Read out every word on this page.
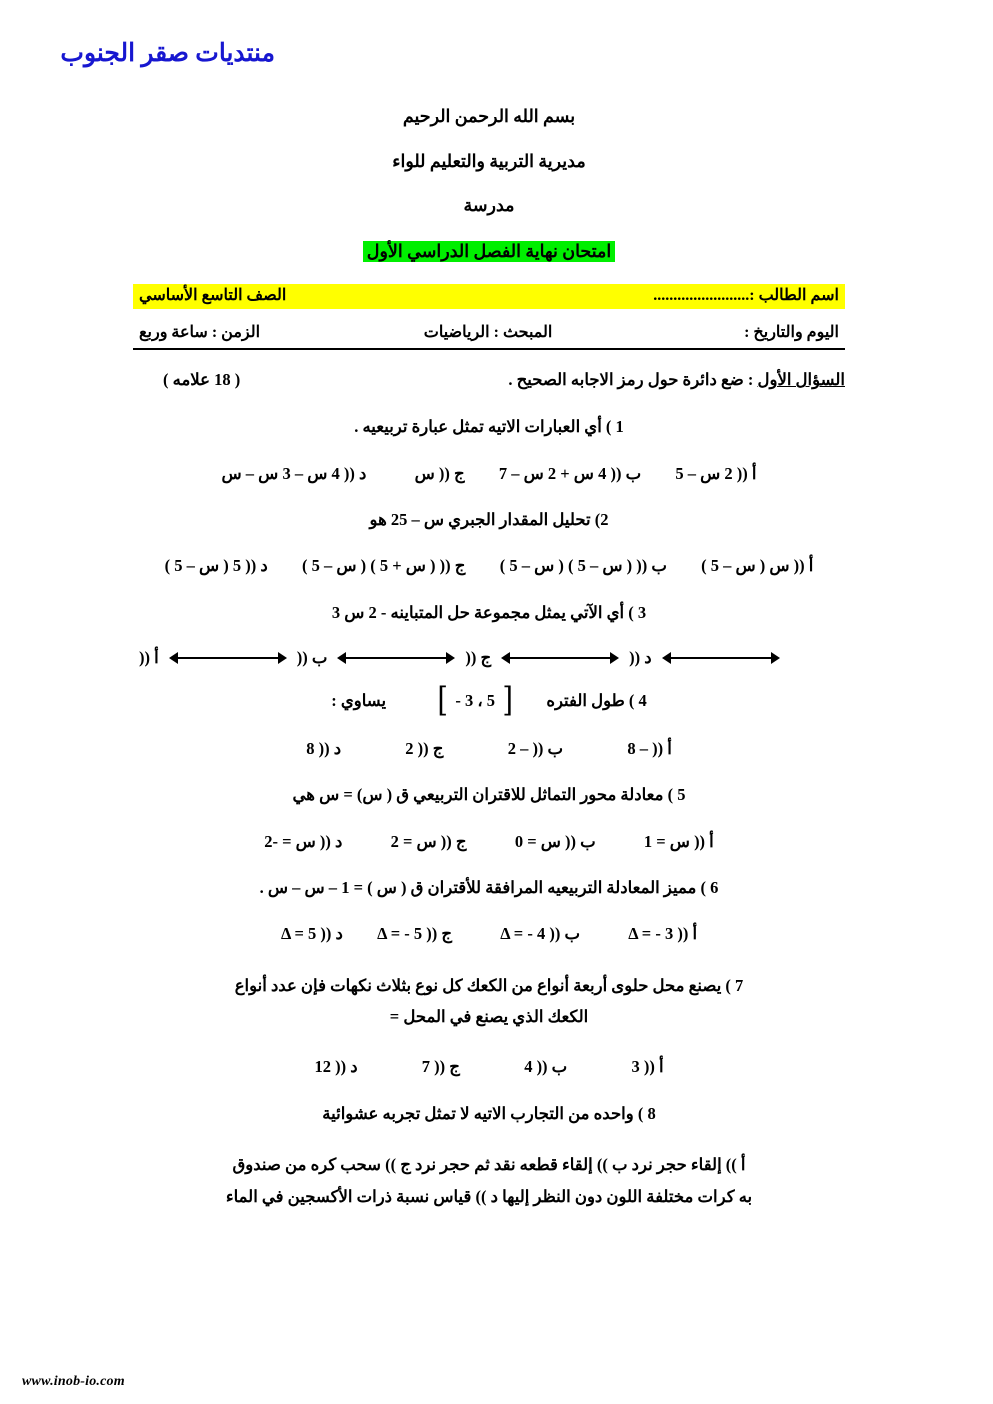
منتديات صقر الجنوب
بسم الله الرحمن الرحيم
مديرية التربية والتعليم للواء
مدرسة
امتحان نهاية الفصل الدراسي الأول
اسم الطالب :........................
الصف التاسع الأساسي
اليوم والتاريخ :
المبحث : الرياضيات
الزمن : ساعة وربع
السؤال الأول : ضع دائرة حول رمز الاجابه الصحيح .
( 18 علامه )
1 ) أي العبارات الاتيه تمثل عبارة تربيعيه .
أ (( 2 س – 5  ب (( 4 س + 2 س – 7  ج (( س  د (( 4 س – 3 س – س
2) تحليل المقدار الجبري س – 25 هو
أ (( س ( س – 5 )  ب (( ( س – 5 ) ( س – 5 )  ج (( ( س + 5 ) ( س – 5 )  د (( 5 ( س – 5 )
3 ) أي الآتي يمثل مجموعة حل المتباينه - 2 س 3
أ ((	ب ((	ج ((	د ((
4 ) طول الفتره
[ - 3 ، 5 ]
يساوي :
أ (( – 8  ب (( – 2  ج (( 2  د (( 8
5 ) معادلة محور التماثل للاقتران التربيعي ق ( س) = س هي
أ (( س = 1  ب (( س = 0  ج (( س = 2  د (( س = -2
6 ) مميز المعادلة التربيعيه المرافقة للأقتران ق ( س ) = 1 – س – س .
أ (( Δ = - 3  ب (( Δ = - 4  ج (( Δ = - 5  د (( Δ = 5
7 ) يصنع محل حلوى أربعة أنواع من الكعك كل نوع بثلاث نكهات فإن عدد أنواع
الكعك الذي يصنع في المحل =
أ (( 3  ب (( 4  ج (( 7  د (( 12
8 ) واحده من التجارب الاتيه لا تمثل تجربه عشوائية
أ )) إلقاء حجر نرد ب )) إلقاء قطعه نقد ثم حجر نرد ج )) سحب كره من صندوق
به كرات مختلفة اللون دون النظر إليها د )) قياس نسبة ذرات الأكسجين في الماء
www.inob-io.com
